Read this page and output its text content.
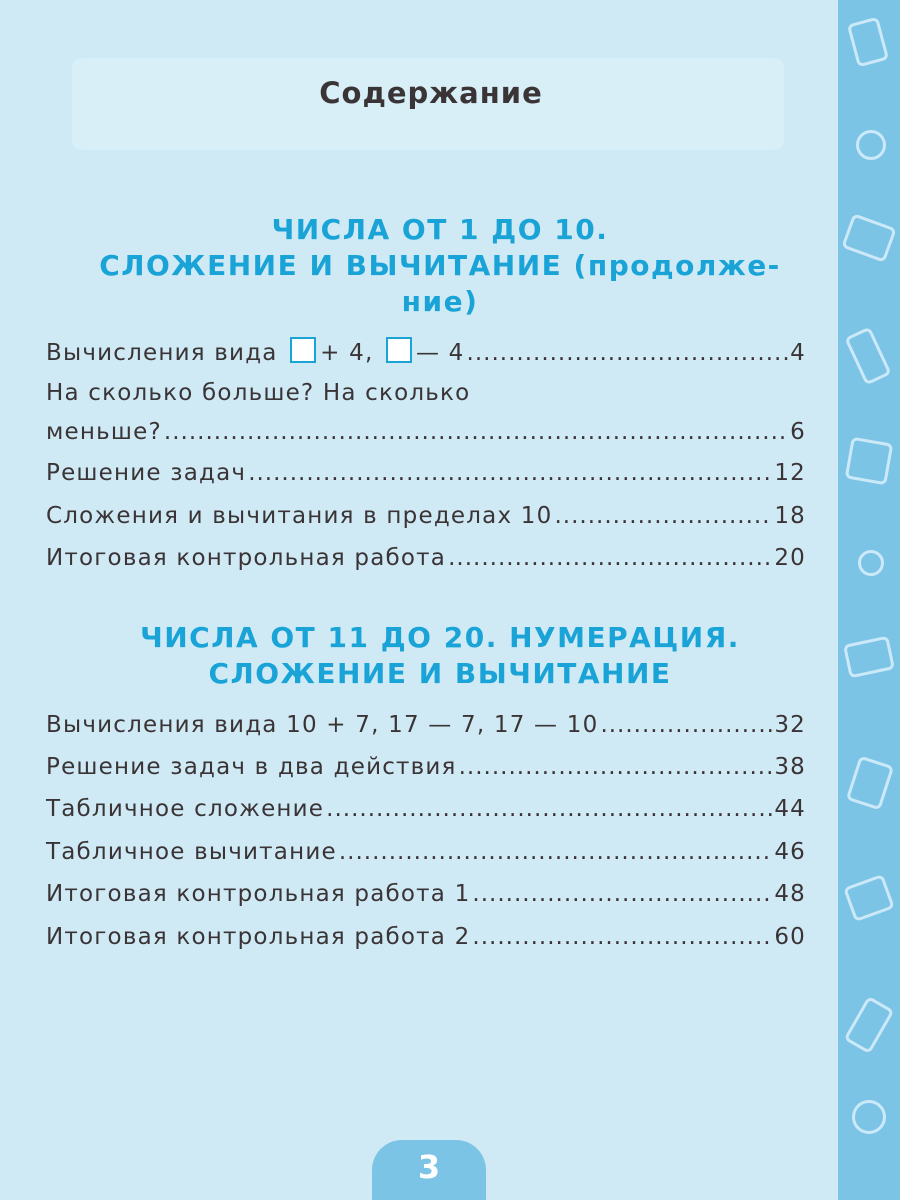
Содержание
ЧИСЛА ОТ 1 ДО 10.
СЛОЖЕНИЕ И ВЫЧИТАНИЕ (продолже-
ние)
Вычисления вида + 4, — 4 .....	4
На сколько больше? На сколько
меньше? .....	6
Решение задач .....	12
Сложения и вычитания в пределах 10 .....	18
Итоговая контрольная работа .....	20
ЧИСЛА ОТ 11 ДО 20. НУМЕРАЦИЯ.
СЛОЖЕНИЕ И ВЫЧИТАНИЕ
Вычисления вида 10 + 7, 17 — 7, 17 — 10 .....	32
Решение задач в два действия .....	38
Табличное сложение .....	44
Табличное вычитание .....	46
Итоговая контрольная работа 1 .....	48
Итоговая контрольная работа 2 .....	60
3
